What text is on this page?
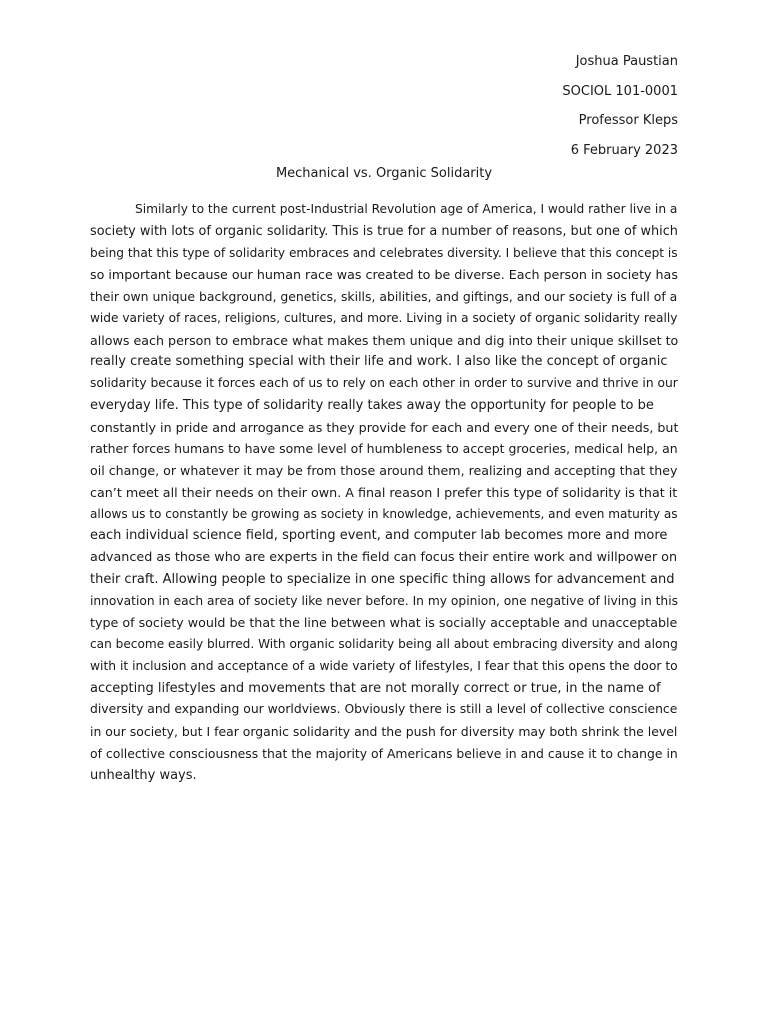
Joshua Paustian
SOCIOL 101-0001
Professor Kleps
6 February 2023
Mechanical vs. Organic Solidarity
Similarly to the current post-Industrial Revolution age of America, I would rather live in a
society with lots of organic solidarity. This is true for a number of reasons, but one of which
being that this type of solidarity embraces and celebrates diversity. I believe that this concept is
so important because our human race was created to be diverse. Each person in society has
their own unique background, genetics, skills, abilities, and giftings, and our society is full of a
wide variety of races, religions, cultures, and more. Living in a society of organic solidarity really
allows each person to embrace what makes them unique and dig into their unique skillset to
really create something special with their life and work. I also like the concept of organic
solidarity because it forces each of us to rely on each other in order to survive and thrive in our
everyday life. This type of solidarity really takes away the opportunity for people to be
constantly in pride and arrogance as they provide for each and every one of their needs, but
rather forces humans to have some level of humbleness to accept groceries, medical help, an
oil change, or whatever it may be from those around them, realizing and accepting that they
can’t meet all their needs on their own. A final reason I prefer this type of solidarity is that it
allows us to constantly be growing as society in knowledge, achievements, and even maturity as
each individual science field, sporting event, and computer lab becomes more and more
advanced as those who are experts in the field can focus their entire work and willpower on
their craft. Allowing people to specialize in one specific thing allows for advancement and
innovation in each area of society like never before. In my opinion, one negative of living in this
type of society would be that the line between what is socially acceptable and unacceptable
can become easily blurred. With organic solidarity being all about embracing diversity and along
with it inclusion and acceptance of a wide variety of lifestyles, I fear that this opens the door to
accepting lifestyles and movements that are not morally correct or true, in the name of
diversity and expanding our worldviews. Obviously there is still a level of collective conscience
in our society, but I fear organic solidarity and the push for diversity may both shrink the level
of collective consciousness that the majority of Americans believe in and cause it to change in
unhealthy ways.
